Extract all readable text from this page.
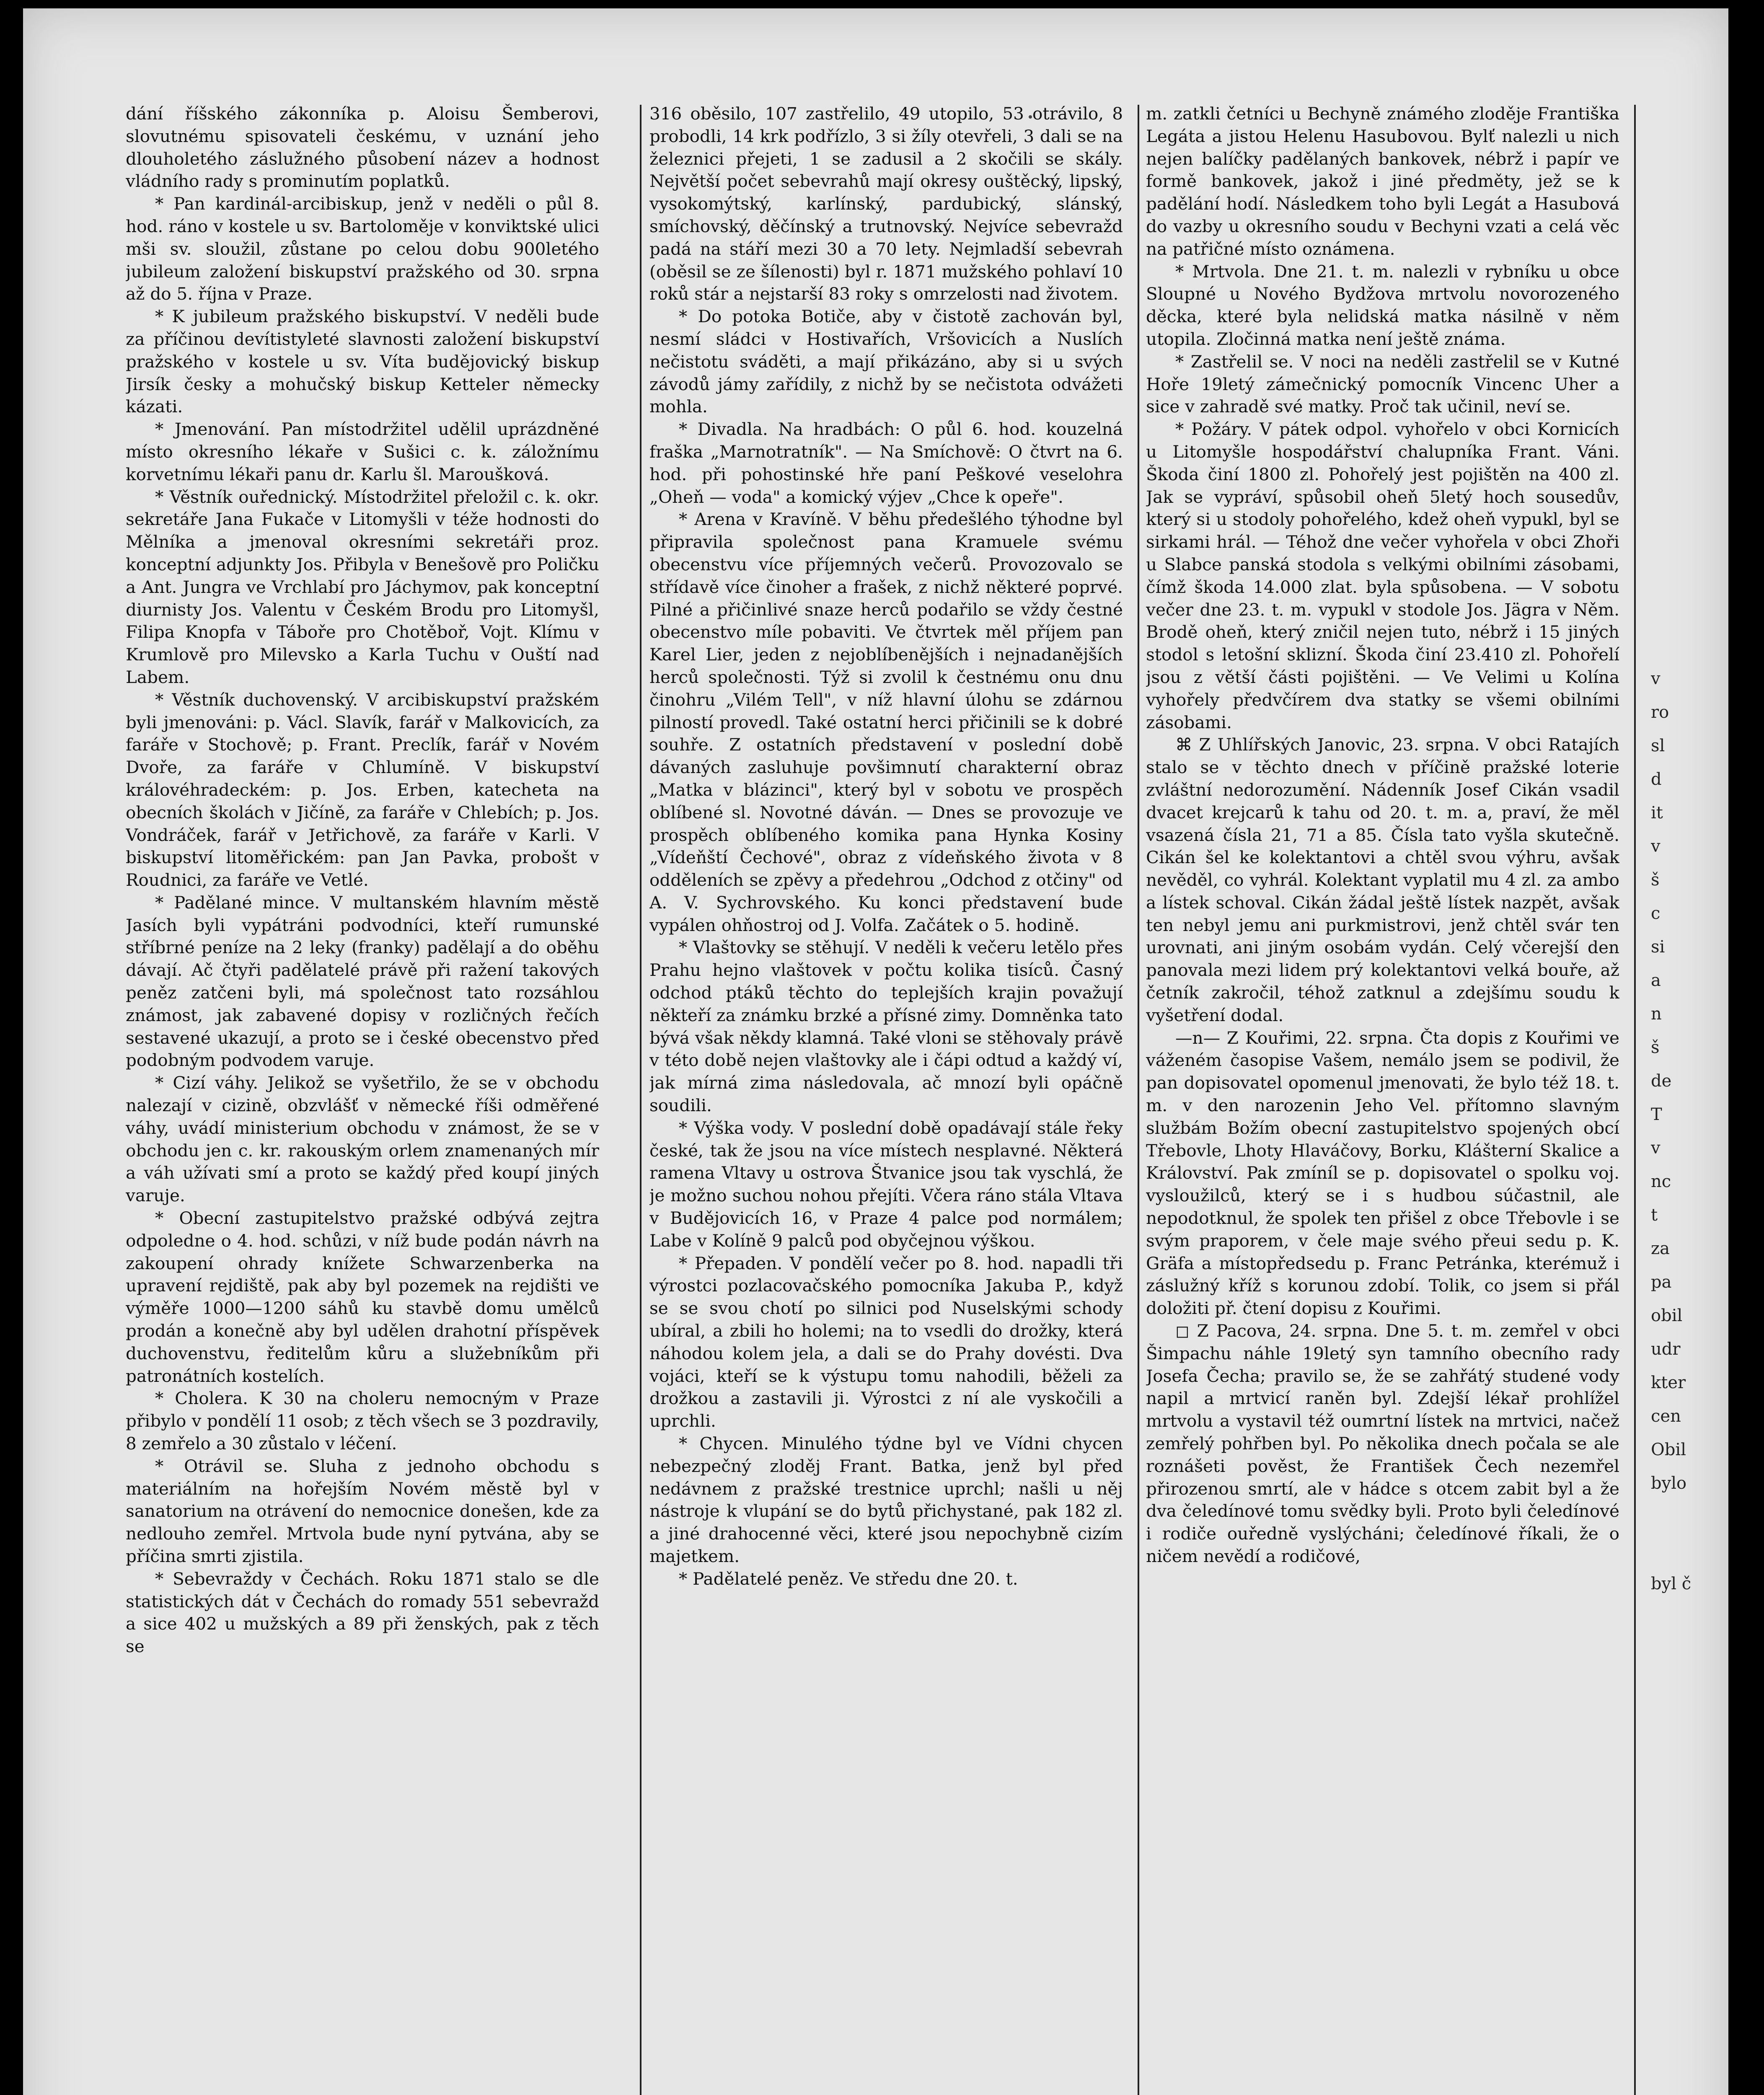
dání říšského zákonníka p. Aloisu Šemberovi, slovutnému spisovateli českému, v uznání jeho dlouholetého záslužného působení název a hodnost vládního rady s prominutím poplatků.

* Pan kardinál-arcibiskup, jenž v neděli o půl 8. hod. ráno v kostele u sv. Bartoloměje v konviktské ulici mši sv. sloužil, zůstane po celou dobu 900letého jubileum založení biskupství pražského od 30. srpna až do 5. října v Praze.

* K jubileum pražského biskupství. V neděli bude za příčinou devítistyleté slavnosti založení biskupství pražského v kostele u sv. Víta budějovický biskup Jirsík česky a mohučský biskup Ketteler německy kázati.

* Jmenování. Pan místodržitel udělil uprázdněné místo okresního lékaře v Sušici c. k. záložnímu korvetnímu lékaři panu dr. Karlu šl. Maroušková.

* Věstník ouřednický. Místodržitel přeložil c. k. okr. sekretáře Jana Fukače v Litomyšli v téže hodnosti do Mělníka a jmenoval okresními sekretáři proz. konceptní adjunkty Jos. Přibyla v Benešově pro Poličku a Ant. Jungra ve Vrchlabí pro Jáchymov, pak konceptní diurnisty Jos. Valentu v Českém Brodu pro Litomyšl, Filipa Knopfa v Táboře pro Chotěboř, Vojt. Klímu v Krumlově pro Milevsko a Karla Tuchu v Ouští nad Labem.

* Věstník duchovenský. V arcibiskupství pražském byli jmenováni: p. Václ. Slavík, farář v Malkovicích, za faráře v Stochově; p. Frant. Preclík, farář v Novém Dvoře, za faráře v Chlumíně. V biskupství královéhradeckém: p. Jos. Erben, katecheta na obecních školách v Jičíně, za faráře v Chlebích; p. Jos. Vondráček, farář v Jetřichově, za faráře v Karli. V biskupství litoměřickém: pan Jan Pavka, probošt v Roudnici, za faráře ve Vetlé.

* Padělané mince. V multanském hlavním městě Jasích byli vypátráni podvodníci, kteří rumunské stříbrné peníze na 2 leky (franky) padělají a do oběhu dávají. Ač čtyři padělatelé právě při ražení takových peněz zatčeni byli, má společnost tato rozsáhlou známost, jak zabavené dopisy v rozličných řečích sestavené ukazují, a proto se i české obecenstvo před podobným podvodem varuje.

* Cizí váhy. Jelikož se vyšetřilo, že se v obchodu nalezají v cizině, obzvlášť v německé říši odměřené váhy, uvádí ministerium obchodu v známost, že se v obchodu jen c. kr. rakouským orlem znamenaných mír a váh užívati smí a proto se každý před koupí jiných varuje.

* Obecní zastupitelstvo pražské odbývá zejtra odpoledne o 4. hod. schůzi, v níž bude podán návrh na zakoupení ohrady knížete Schwarzenberka na upravení rejdiště, pak aby byl pozemek na rejdišti ve výměře 1000—1200 sáhů ku stavbě domu umělců prodán a konečně aby byl udělen drahotní příspěvek duchovenstvu, ředitelům kůru a služebníkům při patronátních kostelích.

* Cholera. K 30 na choleru nemocným v Praze přibylo v pondělí 11 osob; z těch všech se 3 pozdravily, 8 zemřelo a 30 zůstalo v léčení.

* Otrávil se. Sluha z jednoho obchodu s materiálním na hořejším Novém městě byl v sanatorium na otrávení do nemocnice donešen, kde za nedlouho zemřel. Mrtvola bude nyní pytvána, aby se příčina smrti zjistila.

* Sebevraždy v Čechách. Roku 1871 stalo se dle statistických dát v Čechách do romady 551 sebevražd a sice 402 u mužských a 89 při ženských, pak z těch se

316 oběsilo, 107 zastřelilo, 49 utopilo, 53 otrávilo, 8 probodli, 14 krk podřízlo, 3 si žíly otevřeli, 3 dali se na železnici přejeti, 1 se zadusil a 2 skočili se skály. Největší počet sebevrahů mají okresy ouštěcký, lipský, vysokomýtský, karlínský, pardubický, slánský, smíchovský, děčínský a trutnovský. Nejvíce sebevražd padá na stáří mezi 30 a 70 lety. Nejmladší sebevrah (oběsil se ze šílenosti) byl r. 1871 mužského pohlaví 10 roků stár a nejstarší 83 roky s omrzelosti nad životem.

* Do potoka Botiče, aby v čistotě zachován byl, nesmí sládci v Hostivařích, Vršovicích a Nuslích nečistotu sváděti, a mají přikázáno, aby si u svých závodů jámy zařídily, z nichž by se nečistota odvážeti mohla.

* Divadla. Na hradbách: O půl 6. hod. kouzelná fraška „Marnotratník". — Na Smíchově: O čtvrt na 6. hod. při pohostinské hře paní Peškové veselohra „Oheň — voda" a komický výjev „Chce k opeře".

* Arena v Kravíně. V běhu předešlého týhodne byl připravila společnost pana Kramuele svému obecenstvu více příjemných večerů. Provozovalo se střídavě více činoher a frašek, z nichž některé poprvé. Pilné a přičinlivé snaze herců podařilo se vždy čestné obecenstvo míle pobaviti. Ve čtvrtek měl příjem pan Karel Lier, jeden z nejoblíbenějších i nejnadanějších herců společnosti. Týž si zvolil k čestnému onu dnu činohru „Vilém Tell", v níž hlavní úlohu se zdárnou pilností provedl. Také ostatní herci přičinili se k dobré souhře. Z ostatních představení v poslední době dávaných zasluhuje povšimnutí charakterní obraz „Matka v blázinci", který byl v sobotu ve prospěch oblíbené sl. Novotné dáván. — Dnes se provozuje ve prospěch oblíbeného komika pana Hynka Kosiny „Vídeňští Čechové", obraz z vídeňského života v 8 odděleních se zpěvy a předehrou „Odchod z otčiny" od A. V. Sychrovského. Ku konci představení bude vypálen ohňostroj od J. Volfa. Začátek o 5. hodině.

* Vlaštovky se stěhují. V neděli k večeru letělo přes Prahu hejno vlaštovek v počtu kolika tisíců. Časný odchod ptáků těchto do teplejších krajin považují někteří za známku brzké a přísné zimy. Domněnka tato bývá však někdy klamná. Také vloni se stěhovaly právě v této době nejen vlaštovky ale i čápi odtud a každý ví, jak mírná zima následovala, ač mnozí byli opáčně soudili.

* Výška vody. V poslední době opadávají stále řeky české, tak že jsou na více místech nesplavné. Některá ramena Vltavy u ostrova Štvanice jsou tak vyschlá, že je možno suchou nohou přejíti. Včera ráno stála Vltava v Budějovicích 16, v Praze 4 palce pod normálem; Labe v Kolíně 9 palců pod obyčejnou výškou.

* Přepaden. V pondělí večer po 8. hod. napadli tři výrostci pozlacovačského pomocníka Jakuba P., když se se svou chotí po silnici pod Nuselskými schody ubíral, a zbili ho holemi; na to vsedli do drožky, která náhodou kolem jela, a dali se do Prahy dovésti. Dva vojáci, kteří se k výstupu tomu nahodili, běželi za drožkou a zastavili ji. Výrostci z ní ale vyskočili a uprchli.

* Chycen. Minulého týdne byl ve Vídni chycen nebezpečný zloděj Frant. Batka, jenž byl před nedávnem z pražské trestnice uprchl; našli u něj nástroje k vlupání se do bytů přichystané, pak 182 zl. a jiné drahocenné věci, které jsou nepochybně cizím majetkem.

* Padělatelé peněz. Ve středu dne 20. t.

m. zatkli četníci u Bechyně známého zloděje Františka Legáta a jistou Helenu Hasubovou. Bylť nalezli u nich nejen balíčky padělaných bankovek, nébrž i papír ve formě bankovek, jakož i jiné předměty, jež se k padělání hodí. Následkem toho byli Legát a Hasubová do vazby u okresního soudu v Bechyni vzati a celá věc na patřičné místo oznámena.

* Mrtvola. Dne 21. t. m. nalezli v rybníku u obce Sloupné u Nového Bydžova mrtvolu novorozeného děcka, které byla nelidská matka násilně v něm utopila. Zločinná matka není ještě známa.

* Zastřelil se. V noci na neděli zastřelil se v Kutné Hoře 19letý zámečnický pomocník Vincenc Uher a sice v zahradě své matky. Proč tak učinil, neví se.

* Požáry. V pátek odpol. vyhořelo v obci Kornicích u Litomyšle hospodářství chalupníka Frant. Váni. Škoda činí 1800 zl. Pohořelý jest pojištěn na 400 zl. Jak se vypráví, spůsobil oheň 5letý hoch sousedův, který si u stodoly pohořelého, kdež oheň vypukl, byl se sirkami hrál. — Téhož dne večer vyhořela v obci Zhoři u Slabce panská stodola s velkými obilními zásobami, čímž škoda 14.000 zlat. byla spůsobena. — V sobotu večer dne 23. t. m. vypukl v stodole Jos. Jägra v Něm. Brodě oheň, který zničil nejen tuto, nébrž i 15 jiných stodol s letošní sklizní. Škoda činí 23.410 zl. Pohořelí jsou z větší části pojištěni. — Ve Velimi u Kolína vyhořely předvčírem dva statky se všemi obilními zásobami.

⌘ Z Uhlířských Janovic, 23. srpna. V obci Ratajích stalo se v těchto dnech v příčině pražské loterie zvláštní nedorozumění. Nádenník Josef Cikán vsadil dvacet krejcarů k tahu od 20. t. m. a, praví, že měl vsazená čísla 21, 71 a 85. Čísla tato vyšla skutečně. Cikán šel ke kolektantovi a chtěl svou výhru, avšak nevěděl, co vyhrál. Kolektant vyplatil mu 4 zl. za ambo a lístek schoval. Cikán žádal ještě lístek nazpět, avšak ten nebyl jemu ani purkmistrovi, jenž chtěl svár ten urovnati, ani jiným osobám vydán. Celý včerejší den panovala mezi lidem prý kolektantovi velká bouře, až četník zakročil, téhož zatknul a zdejšímu soudu k vyšetření dodal.

—n— Z Kouřimi, 22. srpna. Čta dopis z Kouřimi ve váženém časopise Vašem, nemálo jsem se podivil, že pan dopisovatel opomenul jmenovati, že bylo též 18. t. m. v den narozenin Jeho Vel. přítomno slavným službám Božím obecní zastupitelstvo spojených obcí Třebovle, Lhoty Hlaváčovy, Borku, Klášterní Skalice a Království. Pak zmíníl se p. dopisovatel o spolku voj. vysloužilců, který se i s hudbou súčastnil, ale nepodotknul, že spolek ten přišel z obce Třebovle i se svým praporem, v čele maje svého přeui sedu p. K. Gräfa a místopředsedu p. Franc Petránka, kterémuž i záslužný kříž s korunou zdobí. Tolik, co jsem si přál doložiti př. čtení dopisu z Kouřimi.

◻ Z Pacova, 24. srpna. Dne 5. t. m. zemřel v obci Šimpachu náhle 19letý syn tamního obecního rady Josefa Čecha; pravilo se, že se zahřátý studené vody napil a mrtvicí raněn byl. Zdejší lékař prohlížel mrtvolu a vystavil též oumrtní lístek na mrtvici, načež zemřelý pohřben byl. Po několika dnech počala se ale roznášeti pověst, že František Čech nezemřel přirozenou smrtí, ale v hádce s otcem zabit byl a že dva čeledínové tomu svědky byli. Proto byli čeledínové i rodiče ouředně vyslýcháni; čeledínové říkali, že o ničem nevědí a rodičové,

v
ro
sl
d
it
v
š
c
si
a
n
š
de
T
v
nc
t
za
pa
obil
udr
kter
cen
Obil
bylo

byl č
